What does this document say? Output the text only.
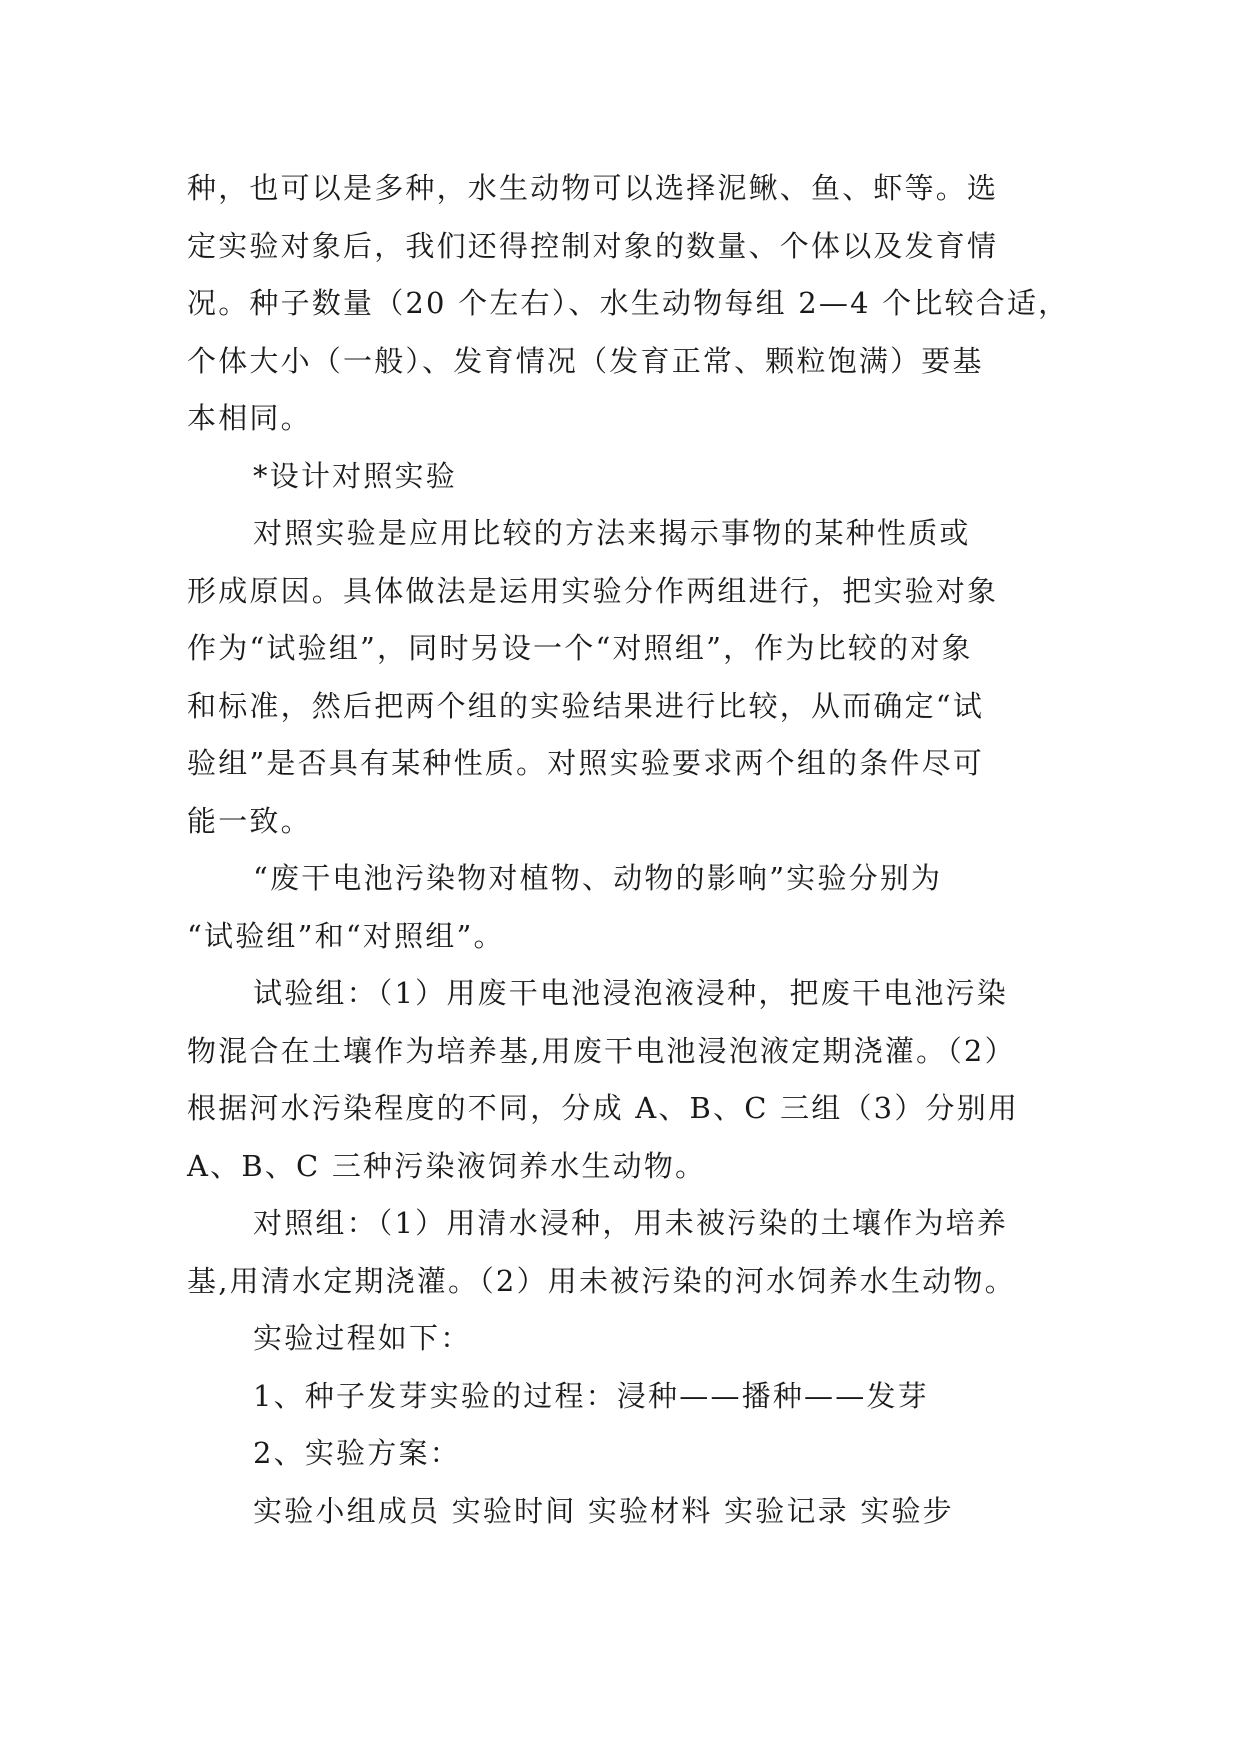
种，也可以是多种，水生动物可以选择泥鳅、鱼、虾等。选
定实验对象后，我们还得控制对象的数量、个体以及发育情
况。种子数量（20 个左右）、水生动物每组 2—4 个比较合适，
个体大小（一般）、发育情况（发育正常、颗粒饱满）要基
本相同。
*设计对照实验
对照实验是应用比较的方法来揭示事物的某种性质或
形成原因。具体做法是运用实验分作两组进行，把实验对象
作为“试验组”，同时另设一个“对照组”，作为比较的对象
和标准，然后把两个组的实验结果进行比较，从而确定“试
验组”是否具有某种性质。对照实验要求两个组的条件尽可
能一致。
“废干电池污染物对植物、动物的影响”实验分别为
“试验组”和“对照组”。
试验组：（1）用废干电池浸泡液浸种，把废干电池污染
物混合在土壤作为培养基,用废干电池浸泡液定期浇灌。（2）
根据河水污染程度的不同，分成 A、B、C 三组（3）分别用
A、B、C 三种污染液饲养水生动物。
对照组：（1）用清水浸种，用未被污染的土壤作为培养
基,用清水定期浇灌。（2）用未被污染的河水饲养水生动物。
实验过程如下：
1、种子发芽实验的过程：浸种——播种——发芽
2、实验方案：
实验小组成员 实验时间 实验材料 实验记录 实验步
